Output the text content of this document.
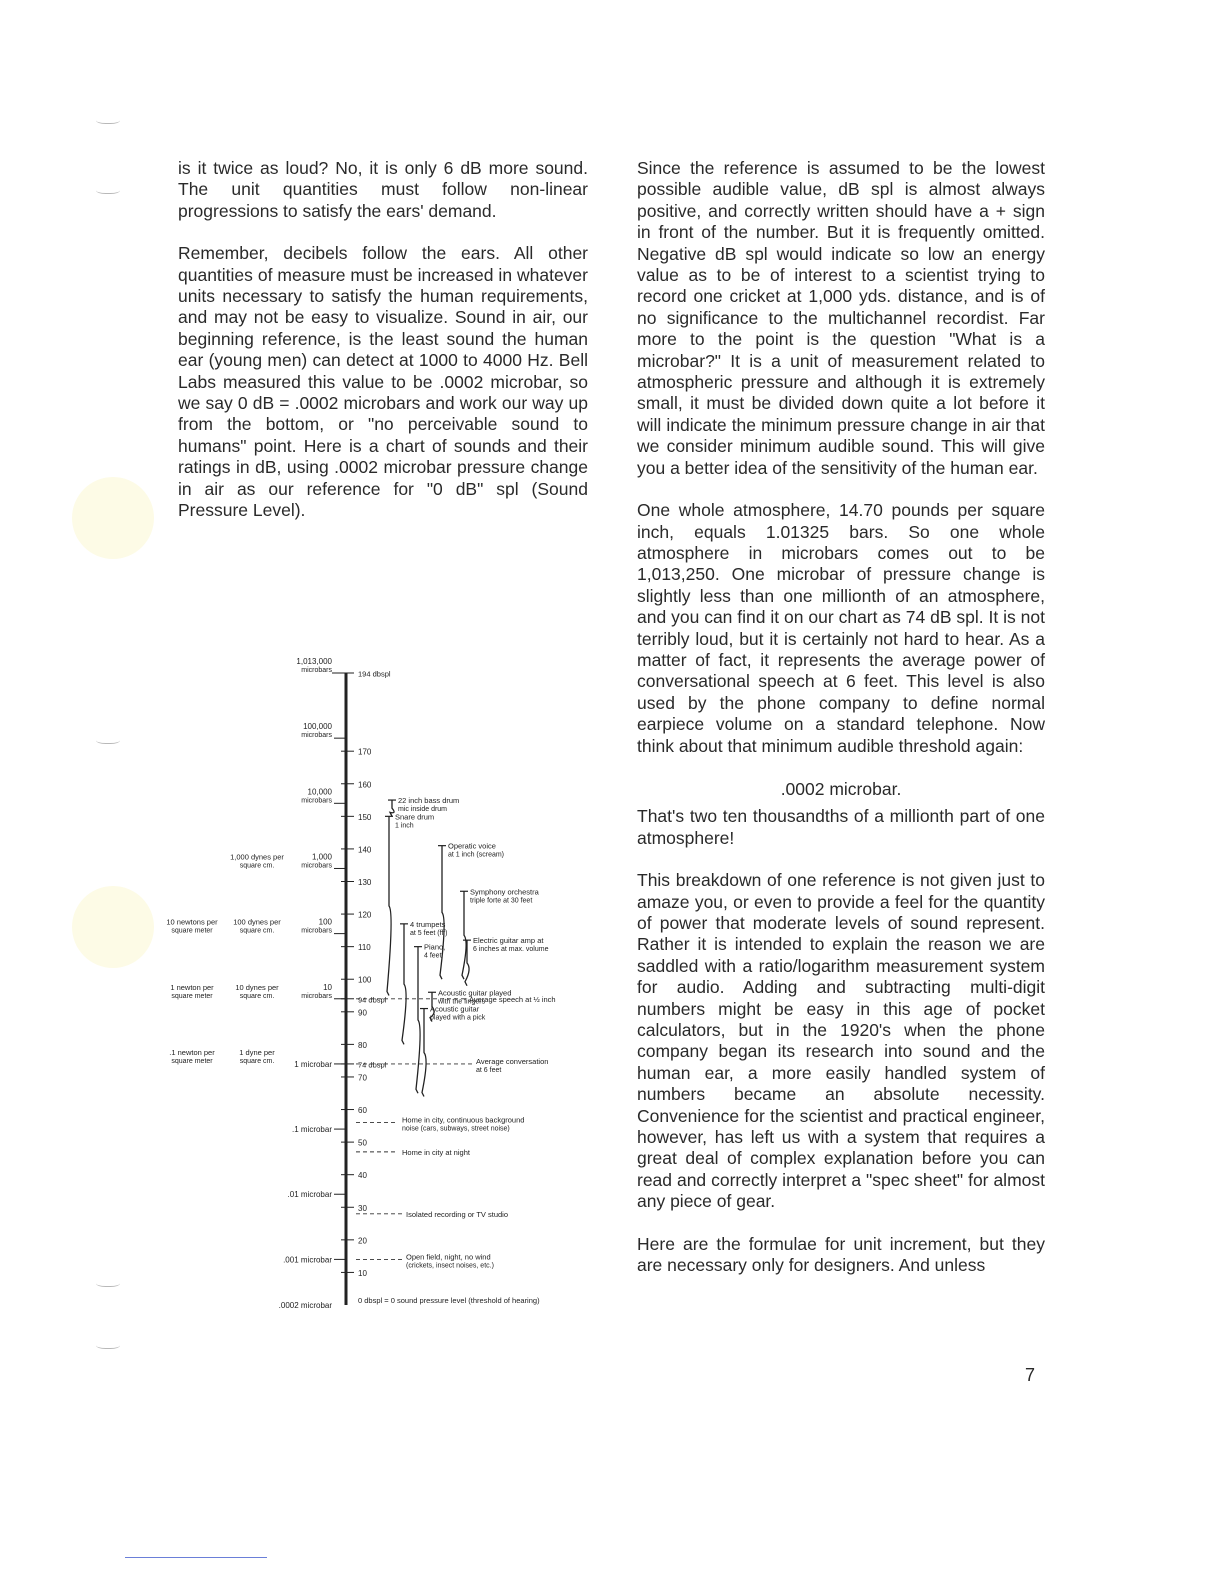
is it twice as loud? No, it is only 6 dB more sound. The unit quantities must follow non-linear progressions to satisfy the ears' demand.

Remember, decibels follow the ears. All other quantities of measure must be increased in whatever units necessary to satisfy the human requirements, and may not be easy to visualize. Sound in air, our beginning reference, is the least sound the human ear (young men) can detect at 1000 to 4000 Hz. Bell Labs measured this value to be .0002 microbar, so we say 0 dB = .0002 microbars and work our way up from the bottom, or "no perceivable sound to humans" point. Here is a chart of sounds and their ratings in dB, using .0002 microbar pressure change in air as our reference for "0 dB" spl (Sound Pressure Level).

Since the reference is assumed to be the lowest possible audible value, dB spl is almost always positive, and correctly written should have a + sign in front of the number. But it is frequently omitted. Negative dB spl would indicate so low an energy value as to be of interest to a scientist trying to record one cricket at 1,000 yds. distance, and is of no significance to the multichannel recordist. Far more to the point is the question "What is a microbar?" It is a unit of measurement related to atmospheric pressure and although it is extremely small, it must be divided down quite a lot before it will indicate the minimum pressure change in air that we consider minimum audible sound. This will give you a better idea of the sensitivity of the human ear.

One whole atmosphere, 14.70 pounds per square inch, equals 1.01325 bars. So one whole atmosphere in microbars comes out to be 1,013,250. One microbar of pressure change is slightly less than one millionth of an atmosphere, and you can find it on our chart as 74 dB spl. It is not terribly loud, but it is certainly not hard to hear. As a matter of fact, it represents the average power of conversational speech at 6 feet. This level is also used by the phone company to define normal earpiece volume on a standard telephone. Now think about that minimum audible threshold again:

.0002 microbar.

That's two ten thousandths of a millionth part of one atmosphere!

This breakdown of one reference is not given just to amaze you, or even to provide a feel for the quantity of power that moderate levels of sound represent. Rather it is intended to explain the reason we are saddled with a ratio/logarithm measurement system for audio. Adding and subtracting multi-digit numbers might be easy in this age of pocket calculators, but in the 1920's when the phone company began its research into sound and the human ear, a more easily handled system of numbers became an absolute necessity. Convenience for the scientist and practical engineer, however, has left us with a system that requires a great deal of complex explanation before you can read and correctly interpret a "spec sheet" for almost any piece of gear.

Here are the formulae for unit increment, but they are necessary only for designers. And unless

194 dbspl
170
160
150
140
130
120
110
100
94 dbspl
90
80
74 dbspl
70
60
50
40
30
20
10
0 dbspl = 0 sound pressure level (threshold of hearing)
1,013,000
microbars
100,000
microbars
10,000
microbars
1,000
microbars
100
microbars
10
microbars
1 microbar
.1 microbar
.01 microbar
.001 microbar
.0002 microbar
1,000 dynes per
square cm.
100 dynes per
square cm.
10 dynes per
square cm.
1 dyne per
square cm.
10 newtons per
square meter
1 newton per
square meter
.1 newton per
square meter
22 inch bass drum
mic inside drum
Snare drum
1 inch
Operatic voice
at 1 inch (scream)
Symphony orchestra
triple forte at 30 feet
4 trumpets
at 5 feet (fff)
Electric guitar amp at
6 inches at max. volume
Piano,
4 feet
Acoustic guitar played
with the fingers
Acoustic guitar
played with a pick
Average speech at ½ inch
Average conversation
at 6 feet
Home in city, continuous background
noise (cars, subways, street noise)
Home in city at night
Isolated recording or TV studio
Open field, night, no wind
(crickets, insect noises, etc.)
7
